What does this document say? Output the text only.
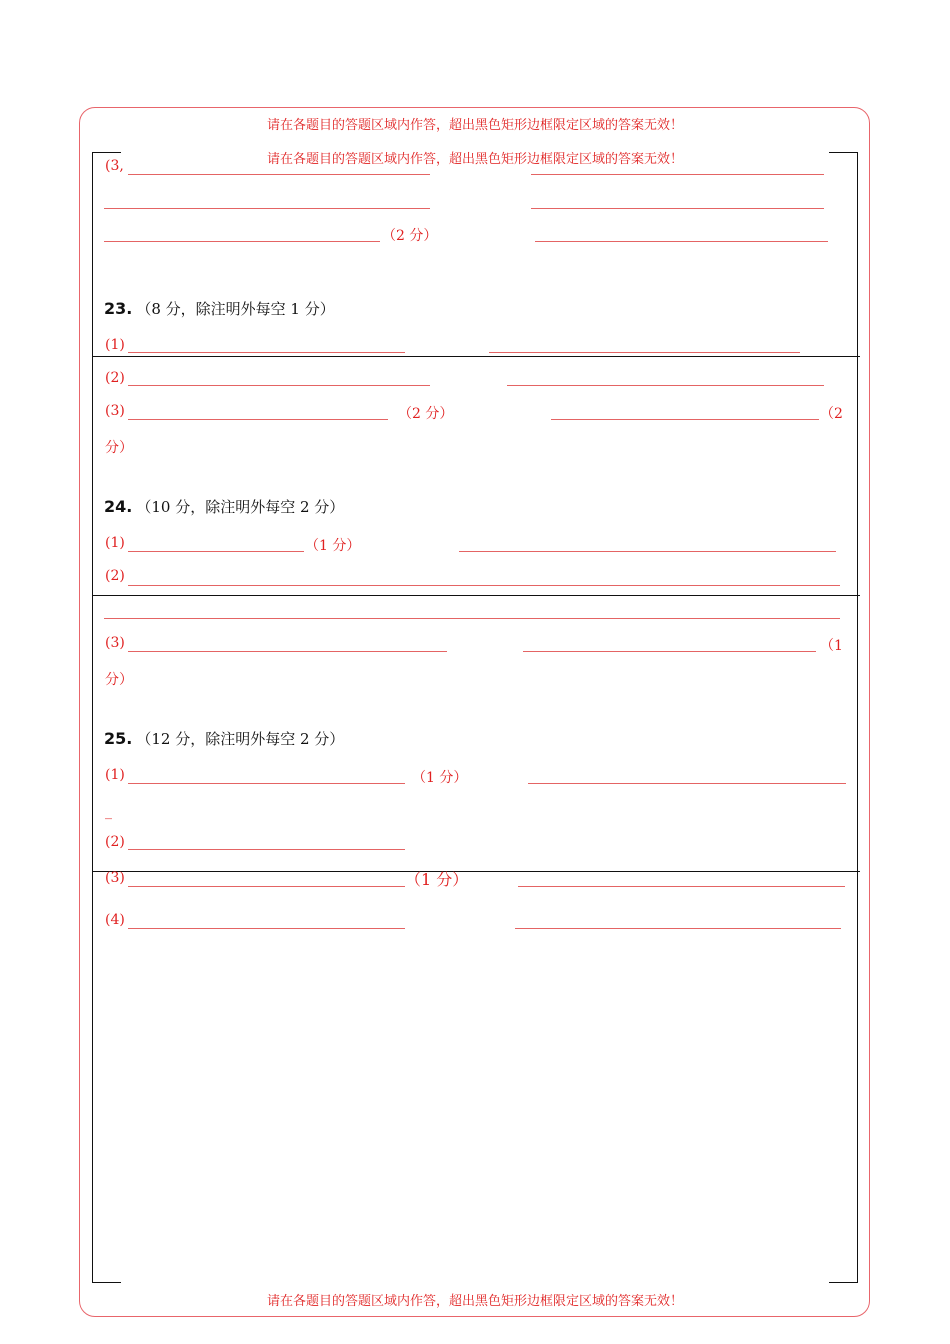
请在各题目的答题区域内作答，超出黑色矩形边框限定区域的答案无效！
请在各题目的答题区域内作答，超出黑色矩形边框限定区域的答案无效！
请在各题目的答题区域内作答，超出黑色矩形边框限定区域的答案无效！
(3,
（2 分）
23. （8 分，除注明外每空 1 分）
(1)
(2)
(3)	（2 分）	（2
分）
24. （10 分，除注明外每空 2 分）
(1)	（1 分）
(2)
(3)	（1
分）
25. （12 分，除注明外每空 2 分）
(1)	（1 分）
_
(2)
(3)	（1 分）
(4)
